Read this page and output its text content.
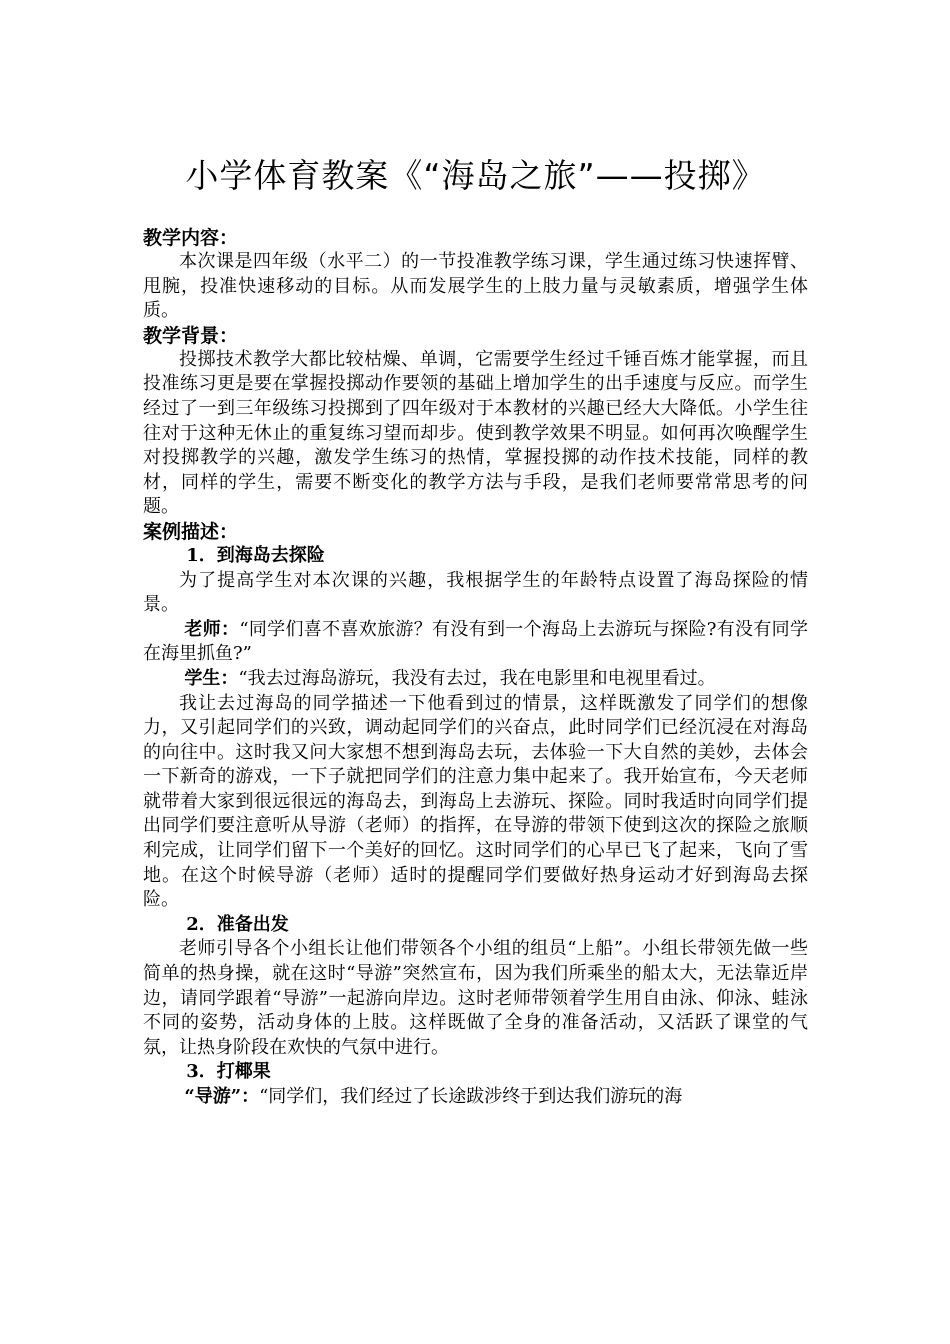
小学体育教案《“海岛之旅”——投掷》
教学内容：

本次课是四年级（水平二）的一节投准教学练习课，学生通过练习快速挥臂、甩腕，投准快速移动的目标。从而发展学生的上肢力量与灵敏素质，增强学生体质。

教学背景：

投掷技术教学大都比较枯燥、单调，它需要学生经过千锤百炼才能掌握，而且投准练习更是要在掌握投掷动作要领的基础上增加学生的出手速度与反应。而学生经过了一到三年级练习投掷到了四年级对于本教材的兴趣已经大大降低。小学生往往对于这种无休止的重复练习望而却步。使到教学效果不明显。如何再次唤醒学生对投掷教学的兴趣，激发学生练习的热情，掌握投掷的动作技术技能，同样的教材，同样的学生，需要不断变化的教学方法与手段，是我们老师要常常思考的问题。

案例描述：
1．到海岛去探险

为了提高学生对本次课的兴趣，我根据学生的年龄特点设置了海岛探险的情景。

老师：“同学们喜不喜欢旅游？有没有到一个海岛上去游玩与探险?有没有同学在海里抓鱼?”

学生：“我去过海岛游玩，我没有去过，我在电影里和电视里看过。

我让去过海岛的同学描述一下他看到过的情景，这样既激发了同学们的想像力，又引起同学们的兴致，调动起同学们的兴奋点，此时同学们已经沉浸在对海岛的向往中。这时我又问大家想不想到海岛去玩，去体验一下大自然的美妙，去体会一下新奇的游戏，一下子就把同学们的注意力集中起来了。我开始宣布，今天老师就带着大家到很远很远的海岛去，到海岛上去游玩、探险。同时我适时向同学们提出同学们要注意听从导游（老师）的指挥，在导游的带领下使到这次的探险之旅顺利完成，让同学们留下一个美好的回忆。这时同学们的心早已飞了起来，飞向了雪地。在这个时候导游（老师）适时的提醒同学们要做好热身运动才好到海岛去探险。

2．准备出发

老师引导各个小组长让他们带领各个小组的组员“上船”。小组长带领先做一些简单的热身操，就在这时“导游”突然宣布，因为我们所乘坐的船太大，无法靠近岸边，请同学跟着“导游”一起游向岸边。这时老师带领着学生用自由泳、仰泳、蛙泳不同的姿势，活动身体的上肢。这样既做了全身的准备活动，又活跃了课堂的气氛，让热身阶段在欢快的气氛中进行。

3．打椰果

“导游”：“同学们，我们经过了长途跋涉终于到达我们游玩的海
